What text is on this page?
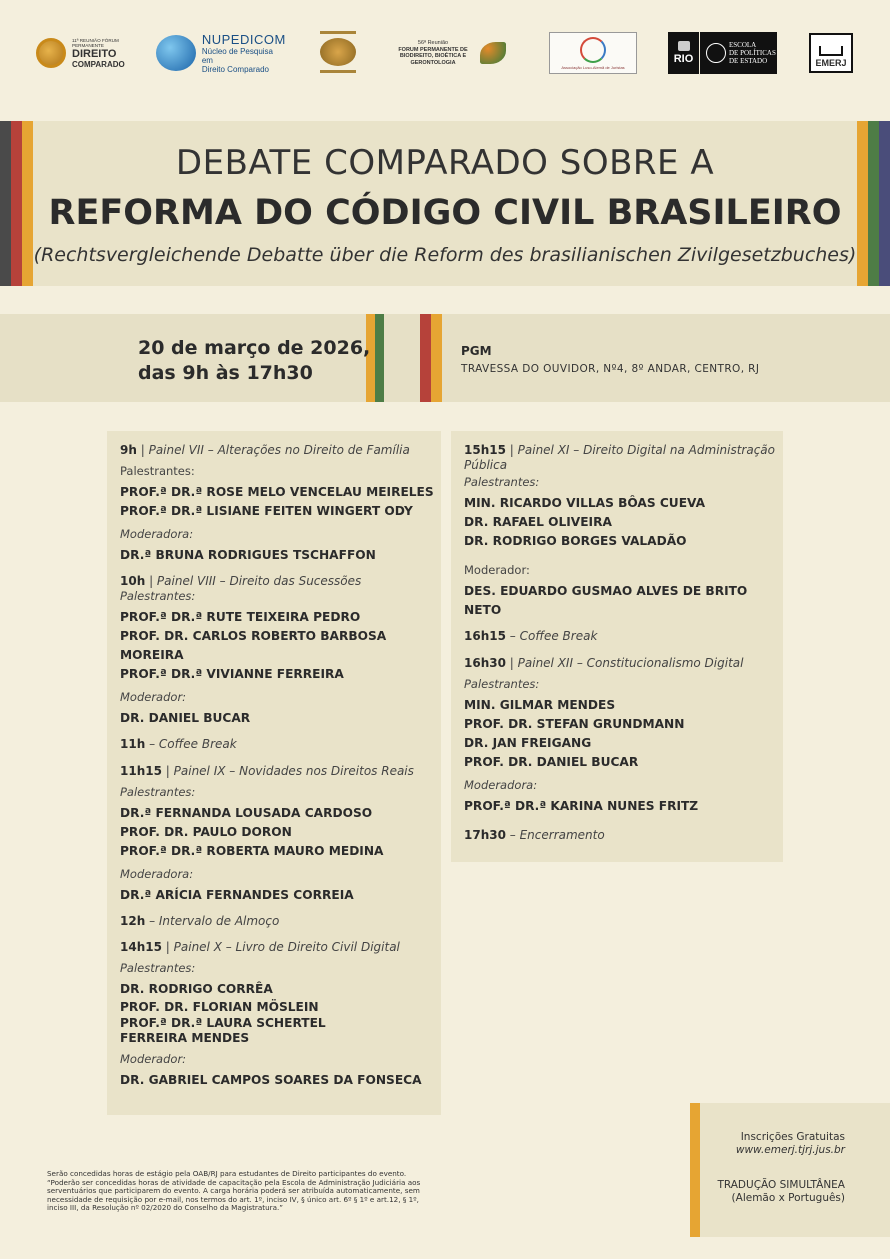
11ª REUNIÃO FÓRUM PERMANENTE
DIREITO
COMPARADO
NUPEDICOM
Núcleo de Pesquisa em
Direito Comparado
56ª Reunião
FORUM PERMANENTE DE
BIODIREITO, BIOÉTICA E
GERONTOLOGIA
Associação Luso-Alemã de Juristas
RIO
ESCOLA
DE POLÍTICAS
DE ESTADO	EMERJ
DEBATE COMPARADO SOBRE A
REFORMA DO CÓDIGO CIVIL BRASILEIRO
(Rechtsvergleichende Debatte über die Reform des brasilianischen Zivilgesetzbuches)
20 de março de 2026,
das 9h às 17h30
PGM
TRAVESSA DO OUVIDOR, Nº4, 8º ANDAR, CENTRO, RJ
9h | Painel VII – Alterações no Direito de Família
Palestrantes:
PROF.ª DR.ª ROSE MELO VENCELAU MEIRELES
PROF.ª DR.ª LISIANE FEITEN WINGERT ODY
Moderadora:
DR.ª BRUNA RODRIGUES TSCHAFFON
10h | Painel VIII – Direito das Sucessões
Palestrantes:
PROF.ª DR.ª RUTE TEIXEIRA PEDRO
PROF. DR. CARLOS ROBERTO BARBOSA MOREIRA
PROF.ª DR.ª VIVIANNE FERREIRA
Moderador:
DR. DANIEL BUCAR
11h – Coffee Break
11h15 | Painel IX – Novidades nos Direitos Reais
Palestrantes:
DR.ª FERNANDA LOUSADA CARDOSO
PROF. DR. PAULO DORON
PROF.ª DR.ª ROBERTA MAURO MEDINA
Moderadora:
DR.ª ARÍCIA FERNANDES CORREIA
12h – Intervalo de Almoço
14h15 | Painel X – Livro de Direito Civil Digital
Palestrantes:
DR. RODRIGO CORRÊA
PROF. DR. FLORIAN MÖSLEIN
PROF.ª DR.ª LAURA SCHERTEL FERREIRA MENDES
Moderador:
DR. GABRIEL CAMPOS SOARES DA FONSECA
15h15 | Painel XI – Direito Digital na Administração Pública
Palestrantes:
MIN. RICARDO VILLAS BÔAS CUEVA
DR. RAFAEL OLIVEIRA
DR. RODRIGO BORGES VALADÃO
Moderador:
DES. EDUARDO GUSMAO ALVES DE BRITO NETO
16h15 – Coffee Break
16h30 | Painel XII – Constitucionalismo Digital
Palestrantes:
MIN. GILMAR MENDES
PROF. DR. STEFAN GRUNDMANN
DR. JAN FREIGANG
PROF. DR. DANIEL BUCAR
Moderadora:
PROF.ª DR.ª KARINA NUNES FRITZ
17h30 – Encerramento
Serão concedidas horas de estágio pela OAB/RJ para estudantes de Direito participantes do evento. “Poderão ser concedidas horas de atividade de capacitação pela Escola de Administração Judiciária aos serventuários que participarem do evento. A carga horária poderá ser atribuída automaticamente, sem necessidade de requisição por e-mail, nos termos do art. 1º, inciso IV, § único art. 6º § 1º e art.12, § 1º, inciso III, da Resolução nº 02/2020 do Conselho da Magistratura.”
Inscrições Gratuitas
www.emerj.tjrj.jus.br
TRADUÇÃO SIMULTÂNEA
(Alemão x Português)
